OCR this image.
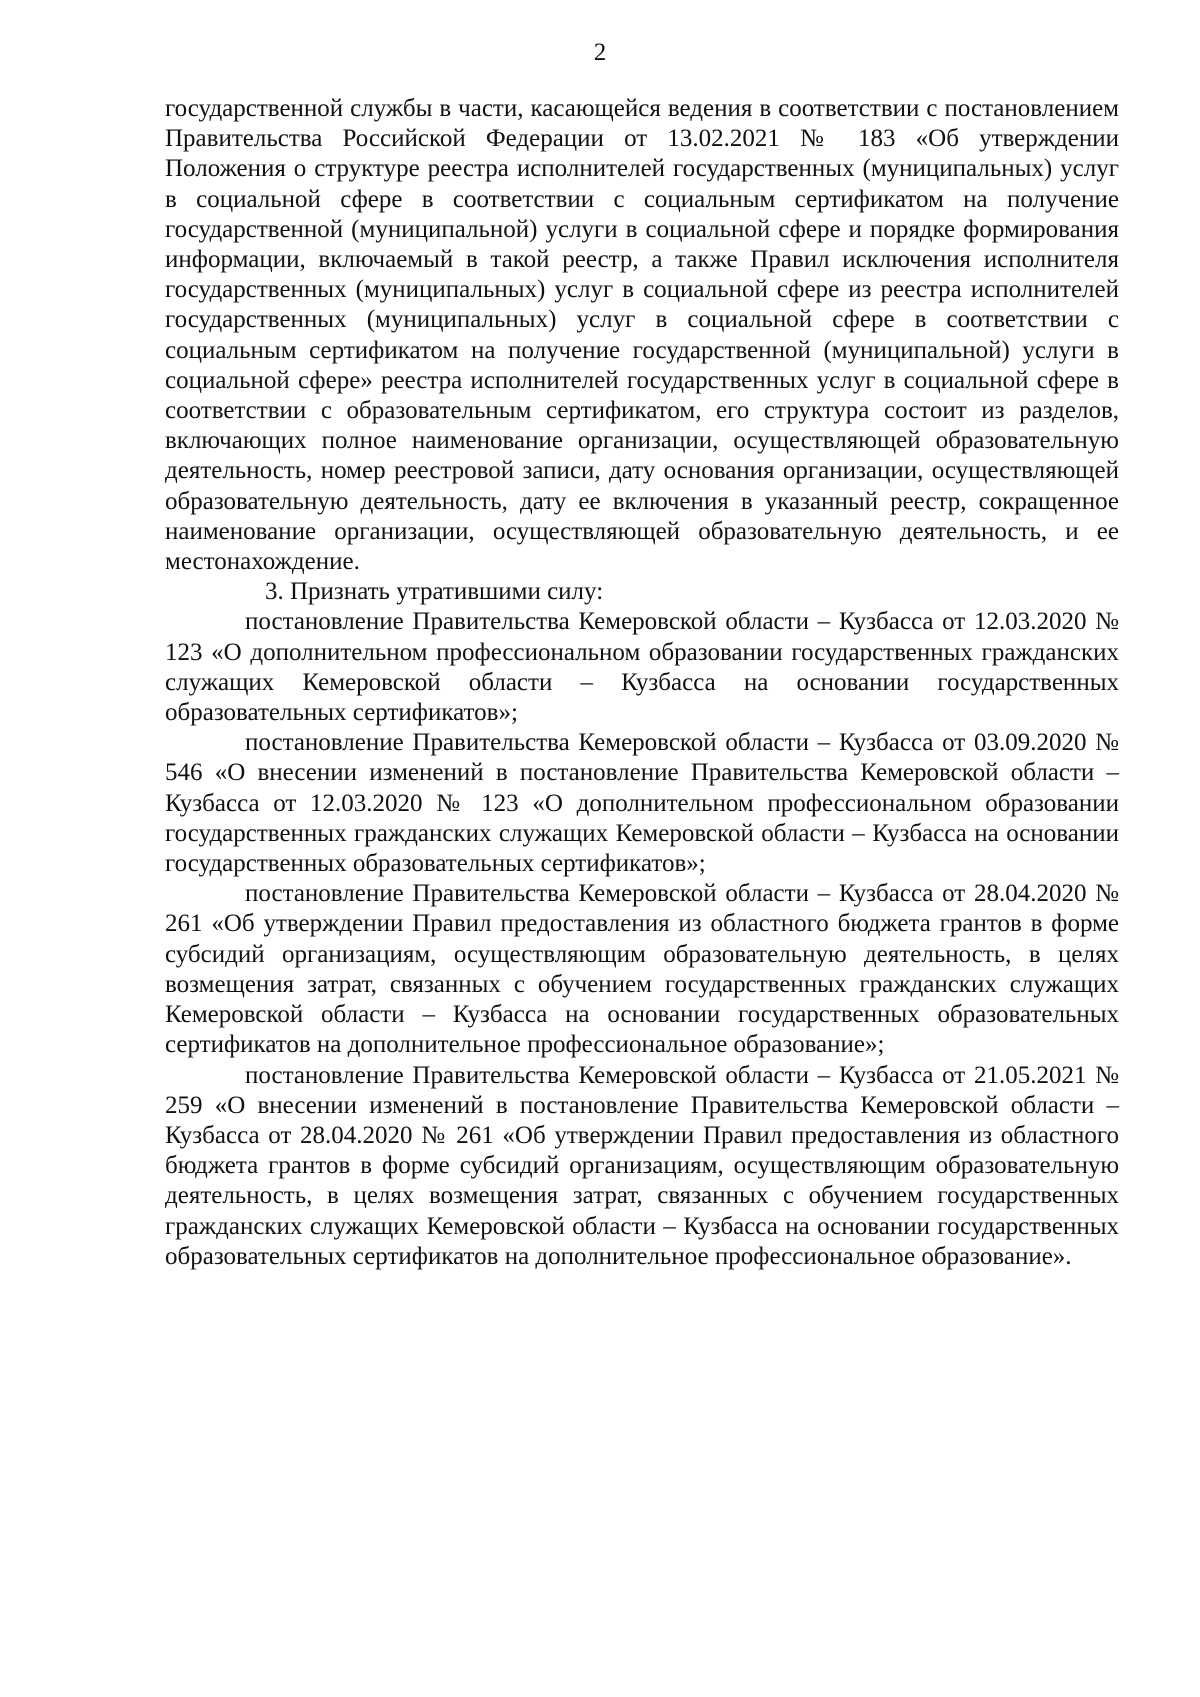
2

государственной службы в части, касающейся ведения в соответствии с постановлением Правительства Российской Федерации от 13.02.2021 № 183 «Об утверждении Положения о структуре реестра исполнителей государственных (муниципальных) услуг в социальной сфере в соответствии с социальным сертификатом на получение государственной (муниципальной) услуги в социальной сфере и порядке формирования информации, включаемый в такой реестр, а также Правил исключения исполнителя государственных (муниципальных) услуг в социальной сфере из реестра исполнителей государственных (муниципальных) услуг в социальной сфере в соответствии с социальным сертификатом на получение государственной (муниципальной) услуги в социальной сфере» реестра исполнителей государственных услуг в социальной сфере в соответствии с образовательным сертификатом, его структура состоит из разделов, включающих полное наименование организации, осуществляющей образовательную деятельность, номер реестровой записи, дату основания организации, осуществляющей образовательную деятельность, дату ее включения в указанный реестр, сокращенное наименование организации, осуществляющей образовательную деятельность, и ее местонахождение.

3. Признать утратившими силу:

постановление Правительства Кемеровской области – Кузбасса от 12.03.2020 № 123 «О дополнительном профессиональном образовании государственных гражданских служащих Кемеровской области – Кузбасса на основании государственных образовательных сертификатов»;

постановление Правительства Кемеровской области – Кузбасса от 03.09.2020 № 546 «О внесении изменений в постановление Правительства Кемеровской области – Кузбасса от 12.03.2020 № 123 «О дополнительном профессиональном образовании государственных гражданских служащих Кемеровской области – Кузбасса на основании государственных образовательных сертификатов»;

постановление Правительства Кемеровской области – Кузбасса от 28.04.2020 № 261 «Об утверждении Правил предоставления из областного бюджета грантов в форме субсидий организациям, осуществляющим образовательную деятельность, в целях возмещения затрат, связанных с обучением государственных гражданских служащих Кемеровской области – Кузбасса на основании государственных образовательных сертификатов на дополнительное профессиональное образование»;

постановление Правительства Кемеровской области – Кузбасса от 21.05.2021 № 259 «О внесении изменений в постановление Правительства Кемеровской области – Кузбасса от 28.04.2020 № 261 «Об утверждении Правил предоставления из областного бюджета грантов в форме субсидий организациям, осуществляющим образовательную деятельность, в целях возмещения затрат, связанных с обучением государственных гражданских служащих Кемеровской области – Кузбасса на основании государственных образовательных сертификатов на дополнительное профессиональное образование».
